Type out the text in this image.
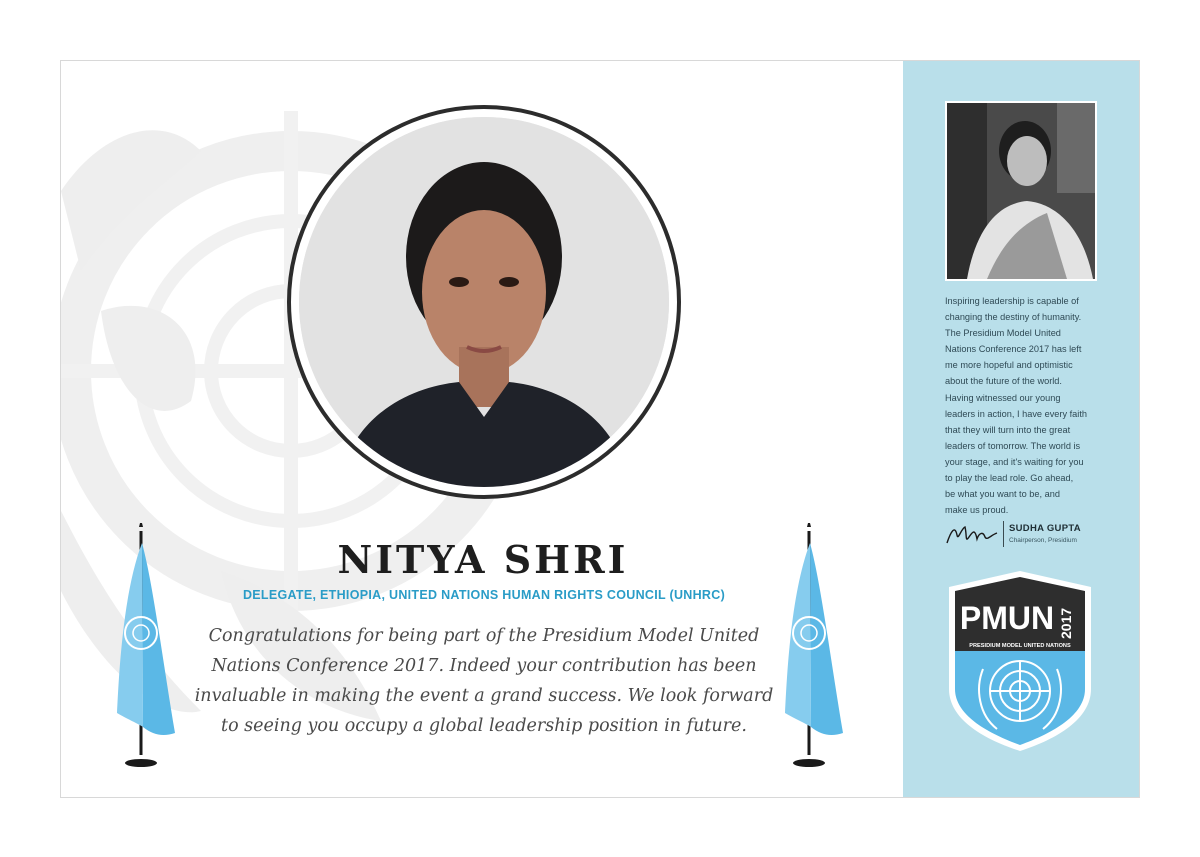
NITYA SHRI
DELEGATE, ETHIOPIA, UNITED NATIONS HUMAN RIGHTS COUNCIL (UNHRC)
Congratulations for being part of the Presidium Model United
Nations Conference 2017. Indeed your contribution has been
invaluable in making the event a grand success. We look forward
to seeing you occupy a global leadership position in future.
Inspiring leadership is capable of
changing the destiny of humanity.
The Presidium Model United
Nations Conference 2017 has left
me more hopeful and optimistic
about the future of the world.
Having witnessed our young
leaders in action, I have every faith
that they will turn into the great
leaders of tomorrow. The world is
your stage, and it's waiting for you
to play the lead role. Go ahead,
be what you want to be, and
make us proud.
SUDHA GUPTA
Chairperson, Presidium
PMUN 2017
PRESIDIUM MODEL UNITED NATIONS
